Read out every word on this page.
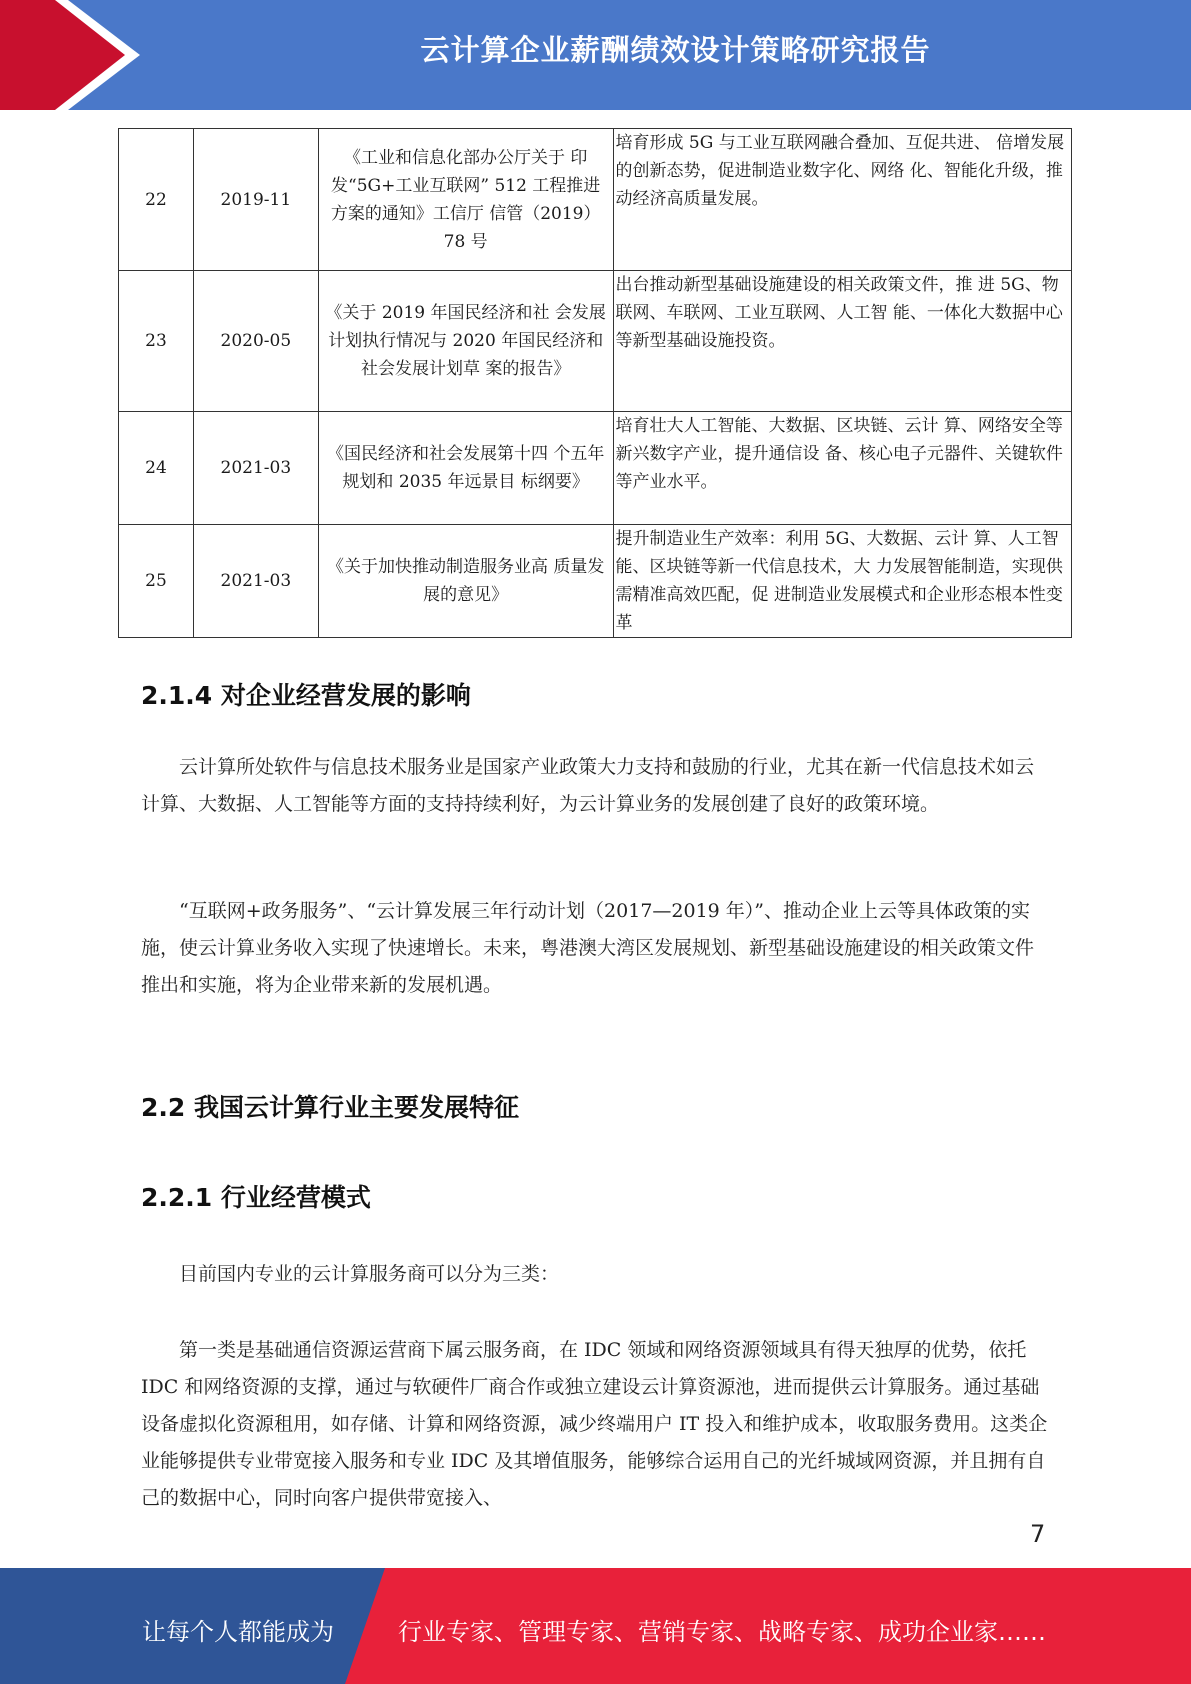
云计算企业薪酬绩效设计策略研究报告
22	2019-11	《工业和信息化部办公厅关于 印发“5G+工业互联网” 512 工程推进方案的通知》工信厅 信管（2019） 78 号	培育形成 5G 与工业互联网融合叠加、互促共进、 倍增发展的创新态势，促进制造业数字化、网络 化、智能化升级，推动经济高质量发展。
23	2020-05	《关于 2019 年国民经济和社 会发展计划执行情况与 2020 年国民经济和社会发展计划草 案的报告》	出台推动新型基础设施建设的相关政策文件，推 进 5G、物联网、车联网、工业互联网、人工智 能、一体化大数据中心等新型基础设施投资。
24	2021-03	《国民经济和社会发展第十四 个五年规划和 2035 年远景目 标纲要》	培育壮大人工智能、大数据、区块链、云计 算、网络安全等新兴数字产业，提升通信设 备、核心电子元器件、关键软件等产业水平。
25	2021-03	《关于加快推动制造服务业高 质量发展的意见》	提升制造业生产效率：利用 5G、大数据、云计 算、人工智能、区块链等新一代信息技术，大 力发展智能制造，实现供需精准高效匹配，促 进制造业发展模式和企业形态根本性变革
2.1.4 对企业经营发展的影响

云计算所处软件与信息技术服务业是国家产业政策大力支持和鼓励的行业，尤其在新一代信息技术如云计算、大数据、人工智能等方面的支持持续利好，为云计算业务的发展创建了良好的政策环境。

“互联网+政务服务”、“云计算发展三年行动计划（2017—2019 年）”、推动企业上云等具体政策的实施，使云计算业务收入实现了快速增长。未来，粤港澳大湾区发展规划、新型基础设施建设的相关政策文件推出和实施，将为企业带来新的发展机遇。

2.2 我国云计算行业主要发展特征
2.2.1 行业经营模式

目前国内专业的云计算服务商可以分为三类：

第一类是基础通信资源运营商下属云服务商，在 IDC 领域和网络资源领域具有得天独厚的优势，依托 IDC 和网络资源的支撑，通过与软硬件厂商合作或独立建设云计算资源池，进而提供云计算服务。通过基础设备虚拟化资源租用，如存储、计算和网络资源，减少终端用户 IT 投入和维护成本，收取服务费用。这类企业能够提供专业带宽接入服务和专业 IDC 及其增值服务，能够综合运用自己的光纤城域网资源，并且拥有自己的数据中心，同时向客户提供带宽接入、

7
让每个人都能成为	行业专家、管理专家、营销专家、战略专家、成功企业家……
